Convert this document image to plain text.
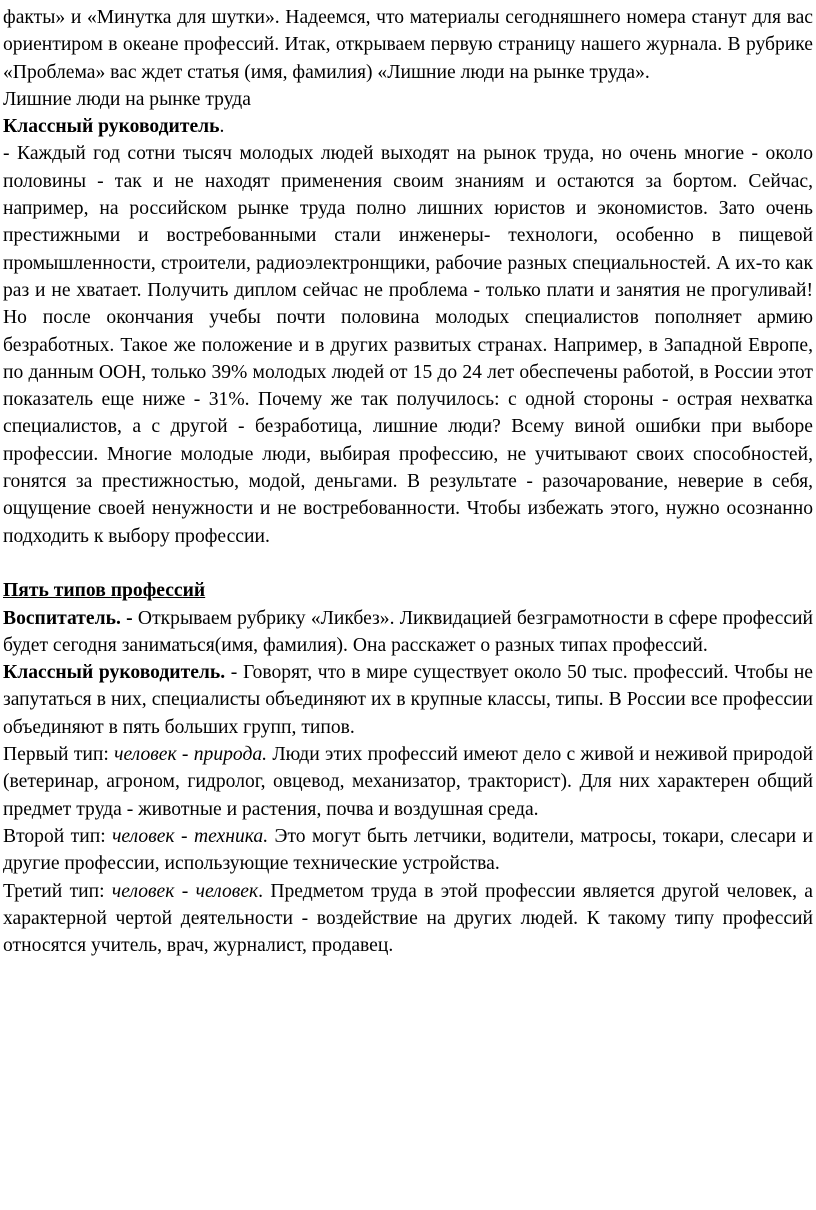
факты» и «Минутка для шутки». Надеемся, что материалы сегодняшнего номера станут для вас ориентиром в океане профессий. Итак, открываем первую страницу нашего журнала. В рубрике «Проблема» вас ждет статья (имя, фамилия) «Лишние люди на рынке труда».

Лишние люди на рынке труда

Классный руководитель.

- Каждый год сотни тысяч молодых людей выходят на рынок труда, но очень многие - около половины - так и не находят применения своим знаниям и остаются за бортом. Сейчас, например, на российском рынке труда полно лишних юристов и экономистов. Зато очень престижными и востребованными стали инженеры- технологи, особенно в пищевой промышленности, строители, радиоэлектронщики, рабочие разных специальностей. А их-то как раз и не хватает. Получить диплом сейчас не проблема - только плати и занятия не прогуливай! Но после окончания учебы почти половина молодых специалистов пополняет армию безработных. Такое же положение и в других развитых странах. Например, в Западной Европе, по данным ООН, только 39% молодых людей от 15 до 24 лет обеспечены работой, в России этот показатель еще ниже - 31%. Почему же так получилось: с одной стороны - острая нехватка специалистов, а с другой - безработица, лишние люди? Всему виной ошибки при выборе профессии. Многие молодые люди, выбирая профессию, не учитывают своих способностей, гонятся за престижностью, модой, деньгами. В результате - разочарование, неверие в себя, ощущение своей ненужности и не востребованности. Чтобы избежать этого, нужно осознанно подходить к выбору профессии.

Пять типов профессий

Воспитатель. - Открываем рубрику «Ликбез». Ликвидацией безграмотности в сфере профессий будет сегодня заниматься(имя, фамилия). Она расскажет о разных типах профессий.

Классный руководитель. - Говорят, что в мире существует около 50 тыс. профессий. Чтобы не запутаться в них, специалисты объединяют их в крупные классы, типы. В России все профессии объединяют в пять больших групп, типов.

Первый тип: человек - природа. Люди этих профессий имеют дело с живой и неживой природой (ветеринар, агроном, гидролог, овцевод, механизатор, тракторист). Для них характерен общий предмет труда - животные и растения, почва и воздушная среда.

Второй тип: человек - техника. Это могут быть летчики, водители, матросы, токари, слесари и другие профессии, использующие технические устройства.

Третий тип: человек - человек. Предметом труда в этой профессии является другой человек, а характерной чертой деятельности - воздействие на других людей. К такому типу профессий относятся учитель, врач, журналист, продавец.
